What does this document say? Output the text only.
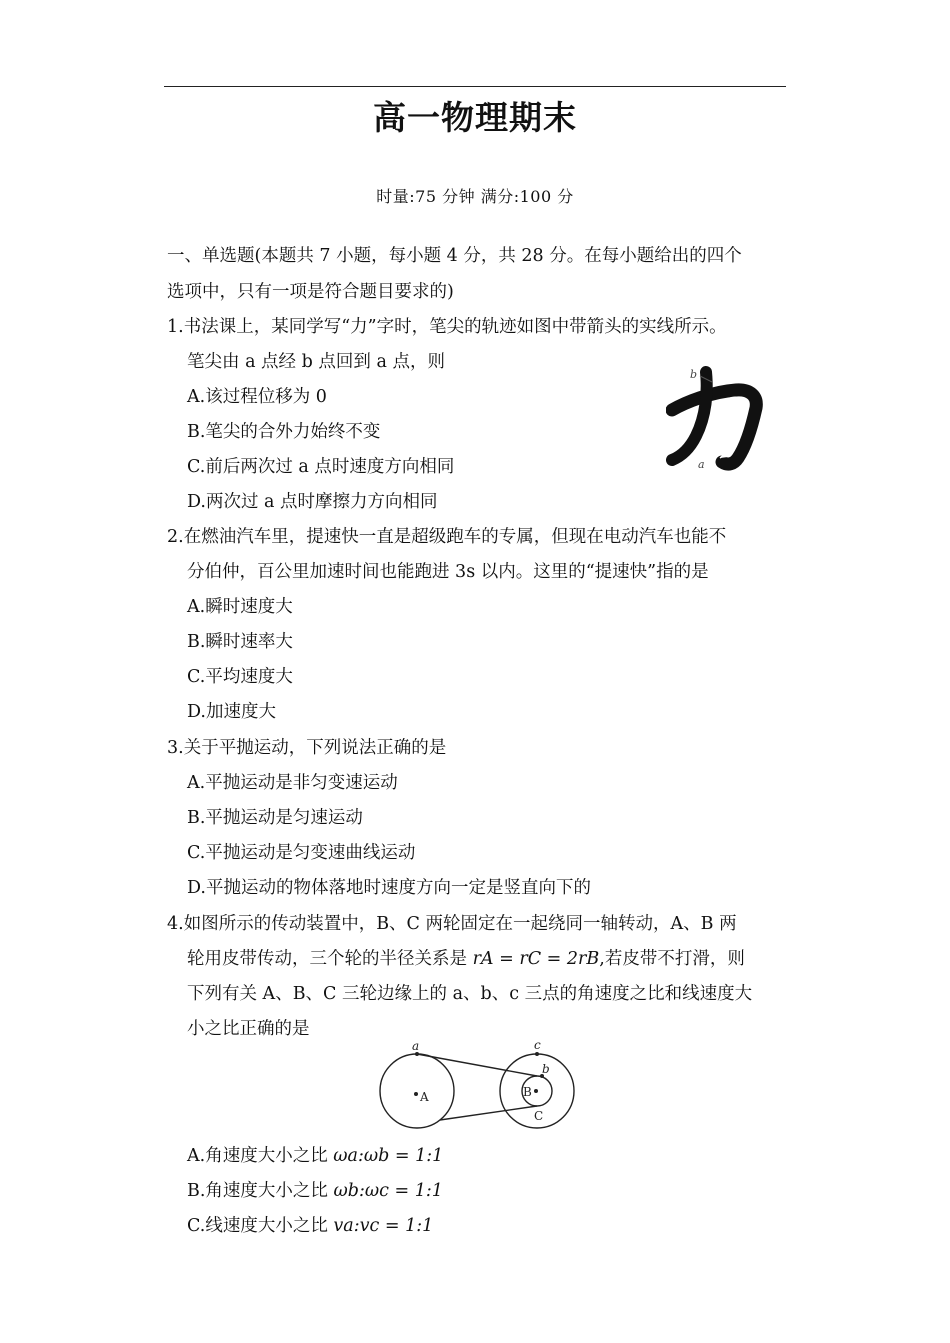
高一物理期末
时量:75 分钟 满分:100 分
一、单选题(本题共 7 小题，每小题 4 分，共 28 分。在每小题给出的四个
选项中，只有一项是符合题目要求的)
1.书法课上，某同学写“力”字时，笔尖的轨迹如图中带箭头的实线所示。
笔尖由 a 点经 b 点回到 a 点，则
A.该过程位移为 0
B.笔尖的合外力始终不变
C.前后两次过 a 点时速度方向相同
D.两次过 a 点时摩擦力方向相同
b
a
2.在燃油汽车里，提速快一直是超级跑车的专属，但现在电动汽车也能不
分伯仲，百公里加速时间也能跑进 3s 以内。这里的“提速快”指的是
A.瞬时速度大
B.瞬时速率大
C.平均速度大
D.加速度大
3.关于平抛运动，下列说法正确的是
A.平抛运动是非匀变速运动
B.平抛运动是匀速运动
C.平抛运动是匀变速曲线运动
D.平抛运动的物体落地时速度方向一定是竖直向下的
4.如图所示的传动装置中，B、C 两轮固定在一起绕同一轴转动，A、B 两
轮用皮带传动，三个轮的半径关系是 rA = rC = 2rB,若皮带不打滑，则
下列有关 A、B、C 三轮边缘上的 a、b、c 三点的角速度之比和线速度大
小之比正确的是
a
A
c
b
B
C
A.角速度大小之比 ωa:ωb = 1:1
B.角速度大小之比 ωb:ωc = 1:1
C.线速度大小之比 va:vc = 1:1
